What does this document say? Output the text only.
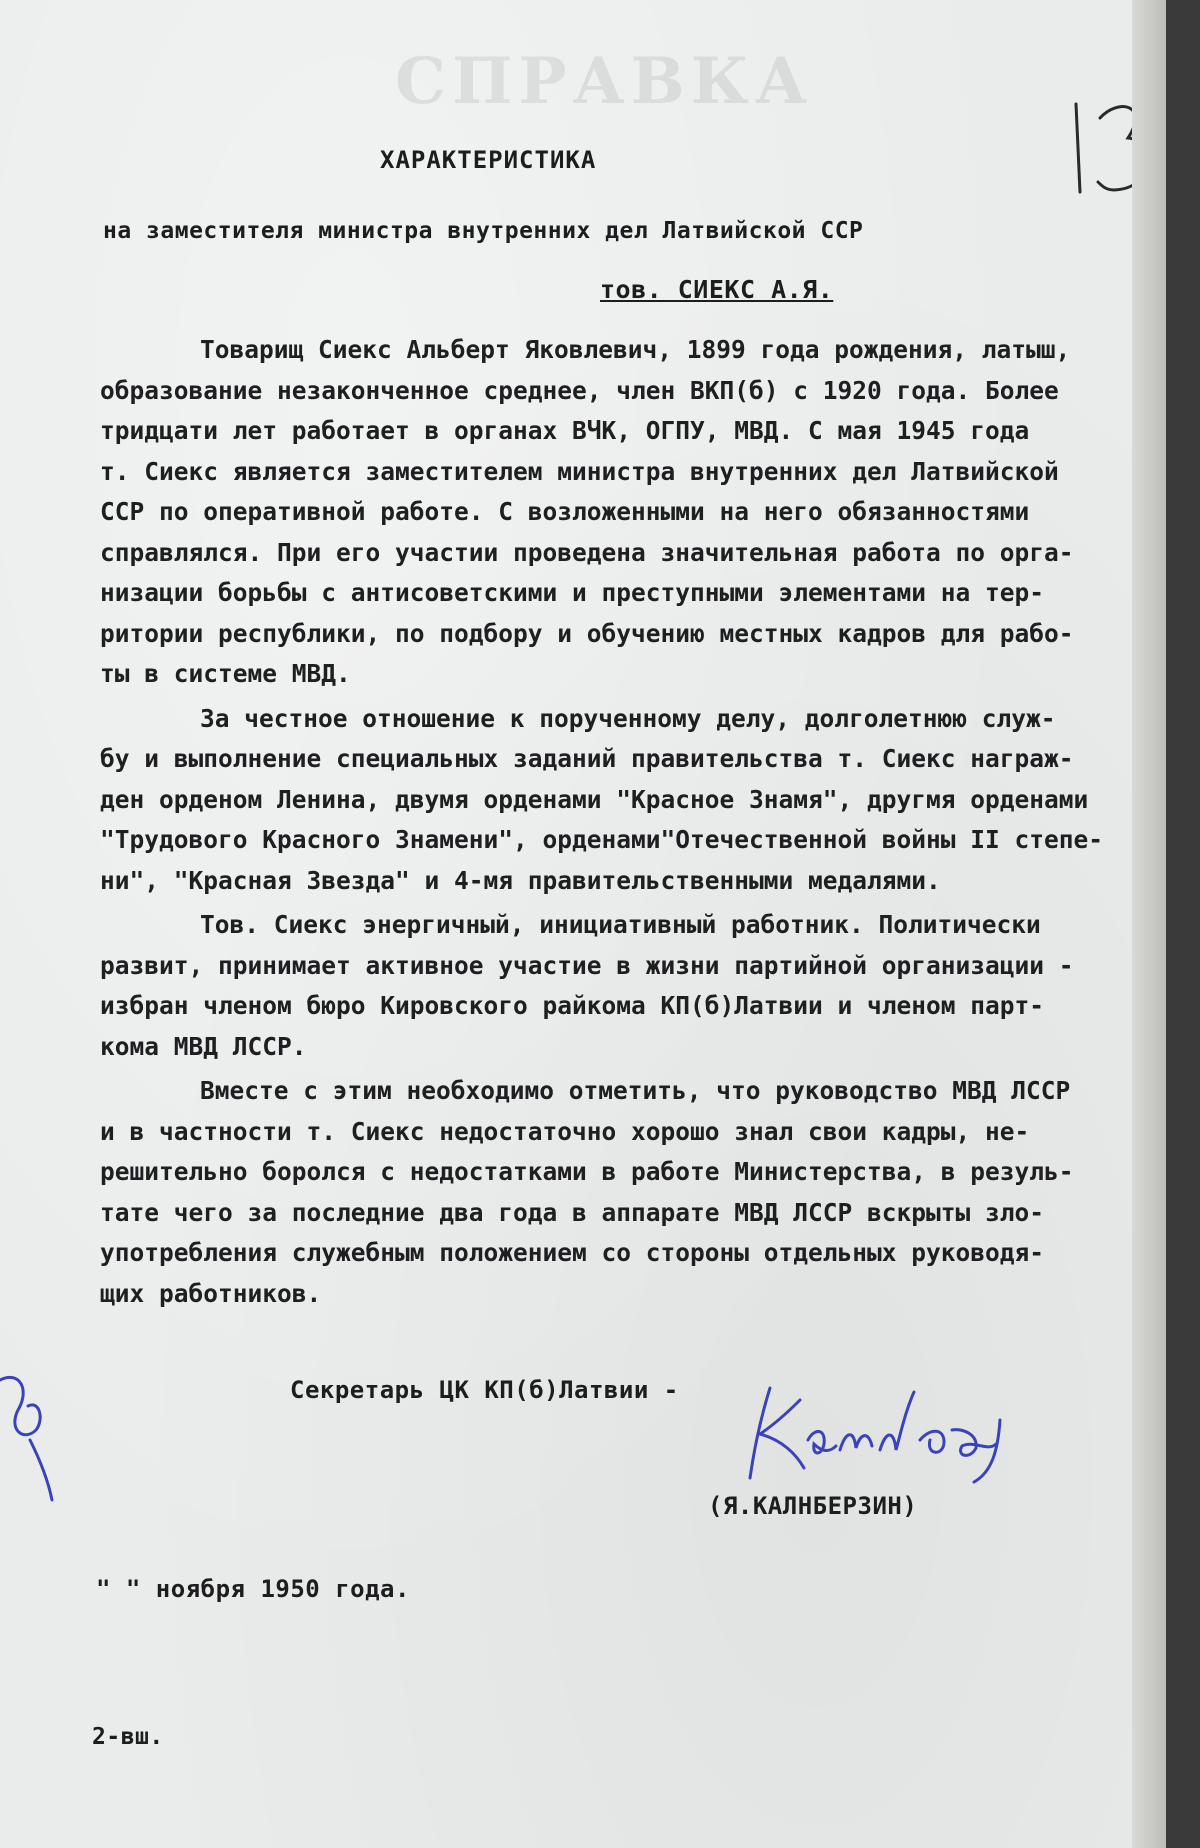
СПРАВКА
ХАРАКТЕРИСТИКА
на заместителя министра внутренних дел Латвийской ССР
тов. СИЕКС А.Я.
Товарищ Сиекс Альберт Яковлевич, 1899 года рождения, латыш,
образование незаконченное среднее, член ВКП(б) с 1920 года. Более
тридцати лет работает в органах ВЧК, ОГПУ, МВД. С мая 1945 года
т. Сиекс является заместителем министра внутренних дел Латвийской
ССР по оперативной работе. С возложенными на него обязанностями
справлялся. При его участии проведена значительная работа по орга-
низации борьбы с антисоветскими и преступными элементами на тер-
ритории республики, по подбору и обучению местных кадров для рабо-
ты в системе МВД.
За честное отношение к порученному делу, долголетнюю служ-
бу и выполнение специальных заданий правительства т. Сиекс награж-
ден орденом Ленина, двумя орденами "Красное Знамя", другмя орденами
"Трудового Красного Знамени", орденами"Отечественной войны II степе-
ни", "Красная Звезда" и 4-мя правительственными медалями.
Тов. Сиекс энергичный, инициативный работник. Политически
развит, принимает активное участие в жизни партийной организации -
избран членом бюро Кировского райкома КП(б)Латвии и членом парт-
кома МВД ЛССР.
Вместе с этим необходимо отметить, что руководство МВД ЛССР
и в частности т. Сиекс недостаточно хорошо знал свои кадры, не-
решительно боролся с недостатками в работе Министерства, в резуль-
тате чего за последние два года в аппарате МВД ЛССР вскрыты зло-
употребления служебным положением со стороны отдельных руководя-
щих работников.
Секретарь ЦК КП(б)Латвии -
(Я.КАЛНБЕРЗИН)
" " ноября 1950 года.
2-вш.
